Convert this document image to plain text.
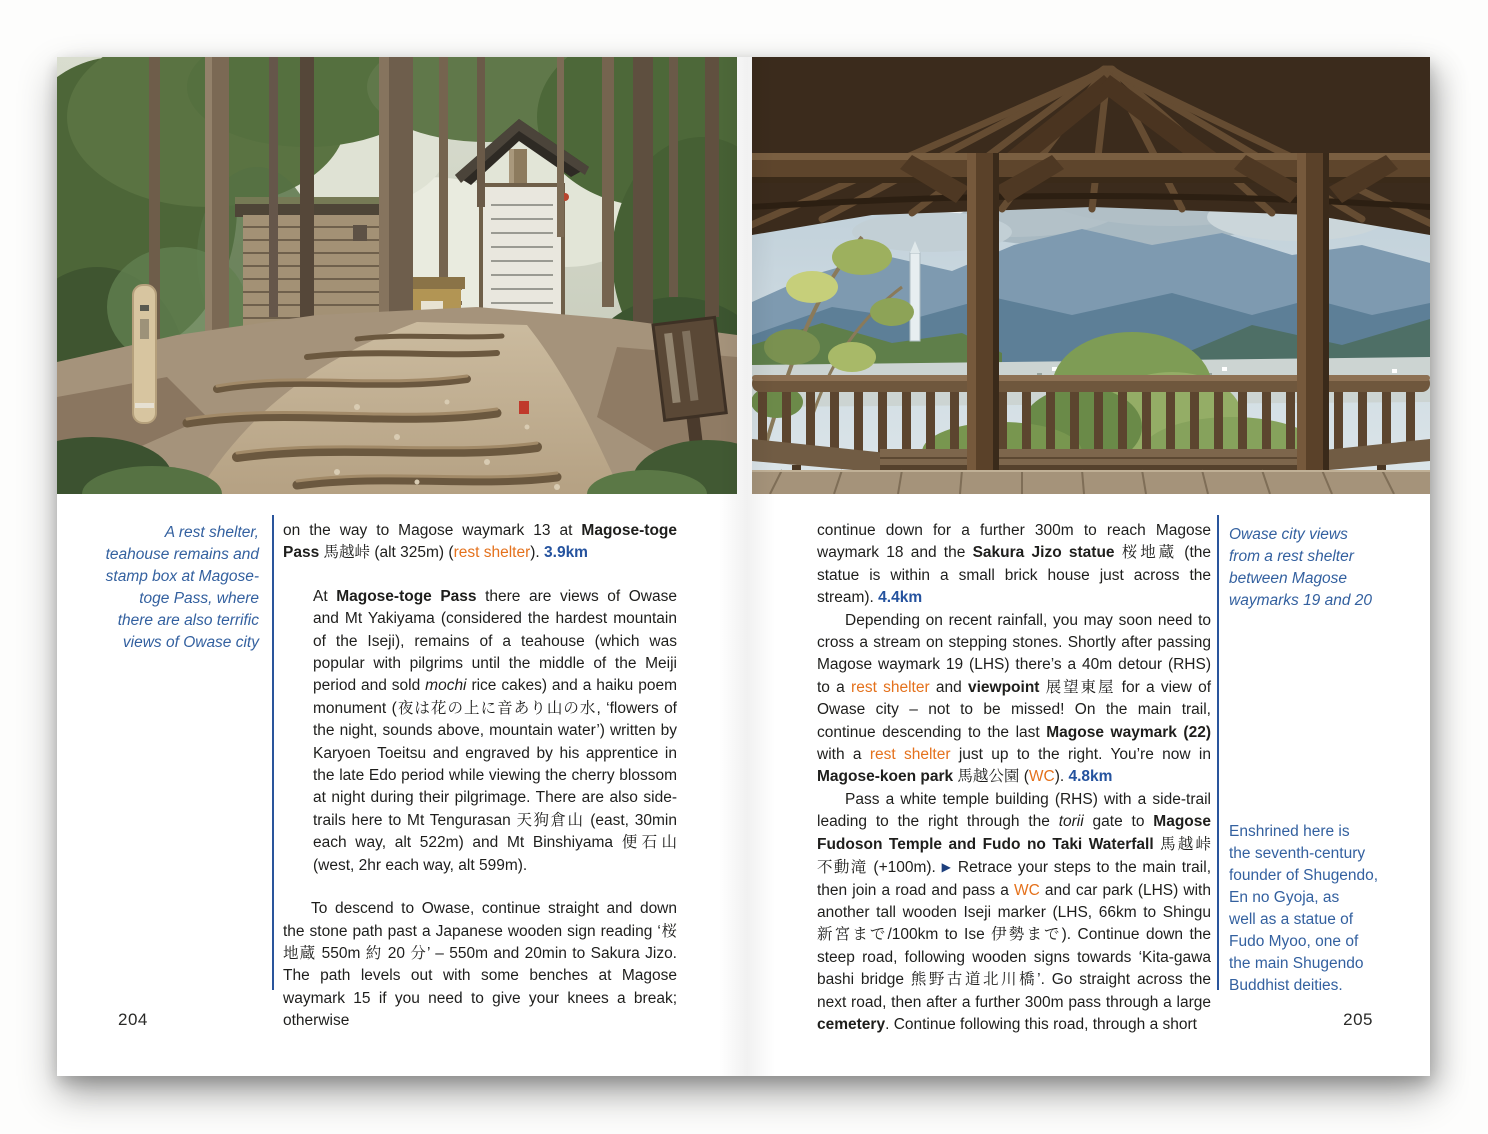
A rest shelter,
teahouse remains and
stamp box at Magose-
toge Pass, where
there are also terrific
views of Owase city

on the way to Magose waymark 13 at Magose-toge Pass 馬越峠 (alt 325m) (rest shelter). 3.9km

At Magose-toge Pass there are views of Owase and Mt Yakiyama (considered the hardest mountain of the Iseji), remains of a teahouse (which was popular with pilgrims until the middle of the Meiji period and sold mochi rice cakes) and a haiku poem monument (夜は花の上に音あり山の水, ‘flowers of the night, sounds above, mountain water’) written by Karyoen Toeitsu and engraved by his apprentice in the late Edo period while viewing the cherry blossom at night during their pilgrimage. There are also side-trails here to Mt Tengurasan 天狗倉山 (east, 30min each way, alt 522m) and Mt Binshiyama 便石山 (west, 2hr each way, alt 599m).

To descend to Owase, continue straight and down the stone path past a Japanese wooden sign reading ‘桜地蔵 550m 約 20 分’ – 550m and 20min to Sakura Jizo. The path levels out with some benches at Magose waymark 15 if you need to give your knees a break; otherwise

204

continue down for a further 300m to reach Magose waymark 18 and the Sakura Jizo statue 桜地蔵 (the statue is within a small brick house just across the stream). 4.4km

Depending on recent rainfall, you may soon need to cross a stream on stepping stones. Shortly after passing Magose waymark 19 (LHS) there’s a 40m detour (RHS) to a rest shelter and viewpoint 展望東屋 for a view of Owase city – not to be missed! On the main trail, continue descending to the last Magose waymark (22) with a rest shelter just up to the right. You’re now in Magose-koen park 馬越公園 (WC). 4.8km

Pass a white temple building (RHS) with a side-trail leading to the right through the torii gate to Magose Fudoson Temple and Fudo no Taki Waterfall 馬越峠 不動滝 (+100m). ▶ Retrace your steps to the main trail, then join a road and pass a WC and car park (LHS) with another tall wooden Iseji marker (LHS, 66km to Shingu 新宮まで/100km to Ise 伊勢まで). Continue down the steep road, following wooden signs towards ‘Kita-gawa bashi bridge 熊野古道北川橋’. Go straight across the next road, then after a further 300m pass through a large cemetery. Continue following this road, through a short

Owase city views
from a rest shelter
between Magose
waymarks 19 and 20
Enshrined here is
the seventh-century
founder of Shugendo,
En no Gyoja, as
well as a statue of
Fudo Myoo, one of
the main Shugendo
Buddhist deities.
205
